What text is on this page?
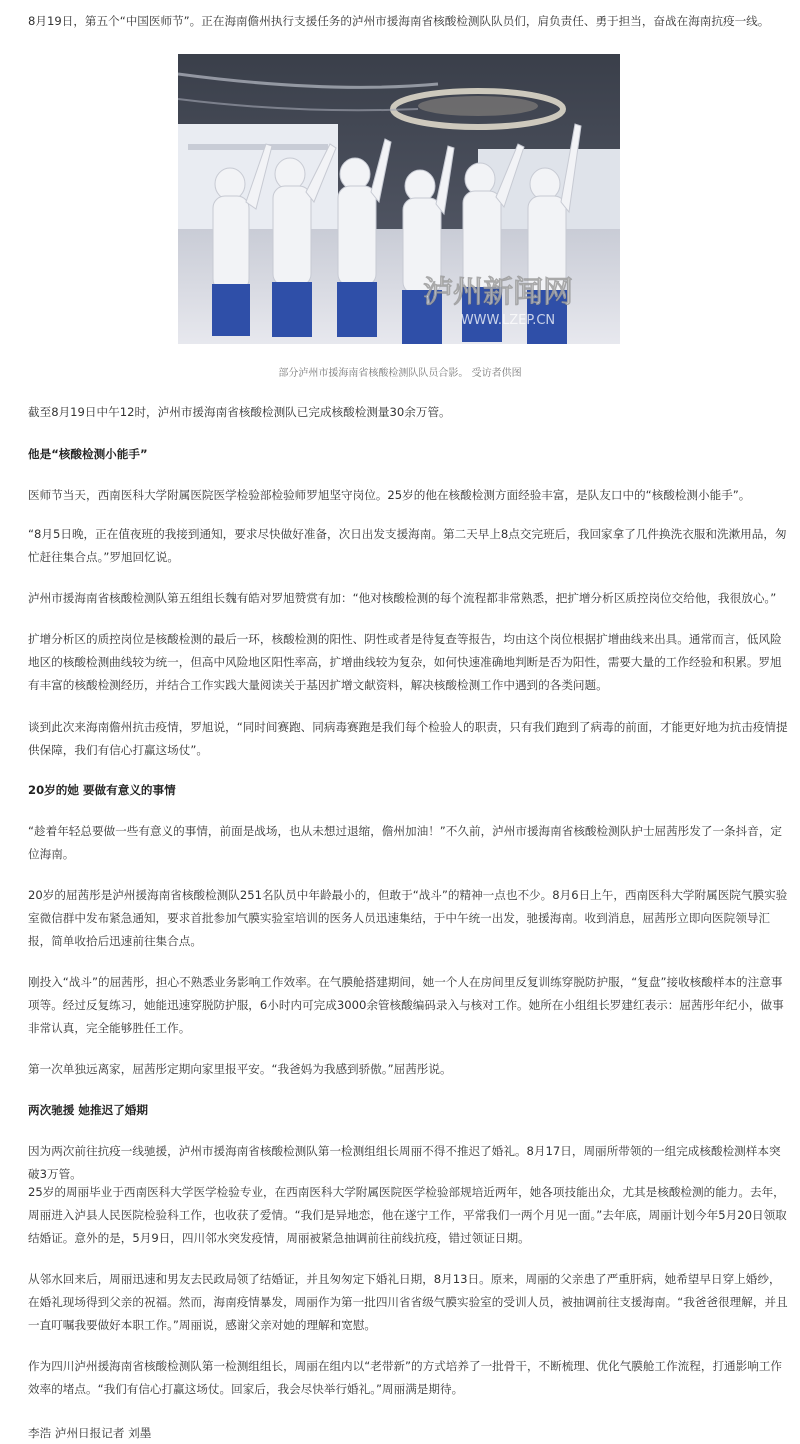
8月19日，第五个“中国医师节”。正在海南儋州执行支援任务的泸州市援海南省核酸检测队队员们，肩负责任、勇于担当，奋战在海南抗疫一线。

泸州新闻网
WWW.LZEP.CN
部分泸州市援海南省核酸检测队队员合影。 受访者供图

截至8月19日中午12时，泸州市援海南省核酸检测队已完成核酸检测量30余万管。

他是“核酸检测小能手”

医师节当天，西南医科大学附属医院医学检验部检验师罗旭坚守岗位。25岁的他在核酸检测方面经验丰富，是队友口中的“核酸检测小能手”。

“8月5日晚，正在值夜班的我接到通知，要求尽快做好准备，次日出发支援海南。第二天早上8点交完班后，我回家拿了几件换洗衣服和洗漱用品，匆忙赶往集合点。”罗旭回忆说。

泸州市援海南省核酸检测队第五组组长魏有皓对罗旭赞赏有加：“他对核酸检测的每个流程都非常熟悉，把扩增分析区质控岗位交给他，我很放心。”

扩增分析区的质控岗位是核酸检测的最后一环，核酸检测的阳性、阴性或者是待复查等报告，均由这个岗位根据扩增曲线来出具。通常而言，低风险地区的核酸检测曲线较为统一，但高中风险地区阳性率高，扩增曲线较为复杂，如何快速准确地判断是否为阳性，需要大量的工作经验和积累。罗旭有丰富的核酸检测经历，并结合工作实践大量阅读关于基因扩增文献资料，解决核酸检测工作中遇到的各类问题。

谈到此次来海南儋州抗击疫情，罗旭说，“同时间赛跑、同病毒赛跑是我们每个检验人的职责，只有我们跑到了病毒的前面，才能更好地为抗击疫情提供保障，我们有信心打赢这场仗”。

20岁的她 要做有意义的事情

“趁着年轻总要做一些有意义的事情，前面是战场，也从未想过退缩，儋州加油！”不久前，泸州市援海南省核酸检测队护士屈茜彤发了一条抖音，定位海南。

20岁的屈茜彤是泸州援海南省核酸检测队251名队员中年龄最小的，但敢于“战斗”的精神一点也不少。8月6日上午，西南医科大学附属医院气膜实验室微信群中发布紧急通知，要求首批参加气膜实验室培训的医务人员迅速集结，于中午统一出发，驰援海南。收到消息，屈茜彤立即向医院领导汇报，简单收拾后迅速前往集合点。

刚投入“战斗”的屈茜彤，担心不熟悉业务影响工作效率。在气膜舱搭建期间，她一个人在房间里反复训练穿脱防护服，“复盘”接收核酸样本的注意事项等。经过反复练习，她能迅速穿脱防护服，6小时内可完成3000余管核酸编码录入与核对工作。她所在小组组长罗建红表示：屈茜彤年纪小，做事非常认真，完全能够胜任工作。

第一次单独远离家，屈茜彤定期向家里报平安。“我爸妈为我感到骄傲。”屈茜彤说。

两次驰援 她推迟了婚期

因为两次前往抗疫一线驰援，泸州市援海南省核酸检测队第一检测组组长周丽不得不推迟了婚礼。8月17日，周丽所带领的一组完成核酸检测样本突破3万管。

25岁的周丽毕业于西南医科大学医学检验专业，在西南医科大学附属医院医学检验部规培近两年，她各项技能出众，尤其是核酸检测的能力。去年，周丽进入泸县人民医院检验科工作，也收获了爱情。“我们是异地恋，他在遂宁工作，平常我们一两个月见一面。”去年底，周丽计划今年5月20日领取结婚证。意外的是，5月9日，四川邻水突发疫情，周丽被紧急抽调前往前线抗疫，错过领证日期。

从邻水回来后，周丽迅速和男友去民政局领了结婚证，并且匆匆定下婚礼日期，8月13日。原来，周丽的父亲患了严重肝病，她希望早日穿上婚纱，在婚礼现场得到父亲的祝福。然而，海南疫情暴发，周丽作为第一批四川省省级气膜实验室的受训人员，被抽调前往支援海南。“我爸爸很理解，并且一直叮嘱我要做好本职工作。”周丽说，感谢父亲对她的理解和宽慰。

作为四川泸州援海南省核酸检测队第一检测组组长，周丽在组内以“老带新”的方式培养了一批骨干，不断梳理、优化气膜舱工作流程，打通影响工作效率的堵点。“我们有信心打赢这场仗。回家后，我会尽快举行婚礼。”周丽满是期待。

李浩 泸州日报记者 刘墨
